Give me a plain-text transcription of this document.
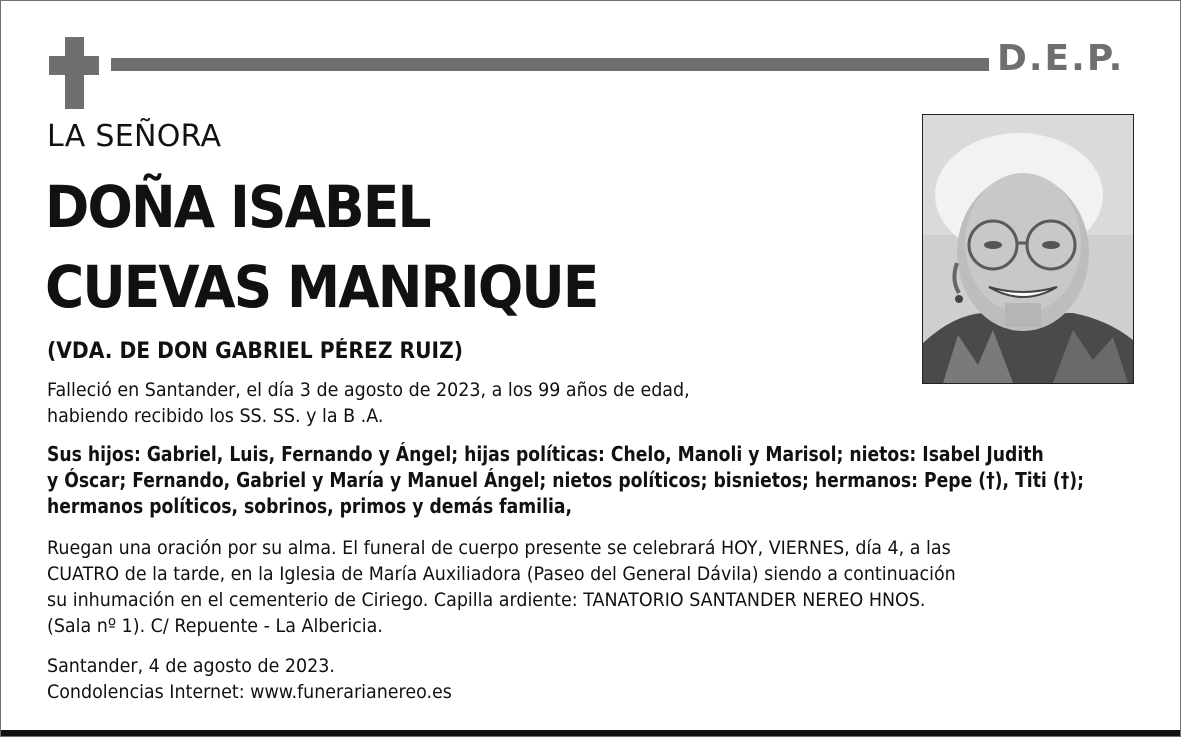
D.E.P.
LA SEÑORA
DOÑA ISABEL
CUEVAS MANRIQUE
(VDA. DE DON GABRIEL PÉREZ RUIZ)
Falleció en Santander, el día 3 de agosto de 2023, a los 99 años de edad,
habiendo recibido los SS. SS. y la B .A.
Sus hijos: Gabriel, Luis, Fernando y Ángel; hijas políticas: Chelo, Manoli y Marisol; nietos: Isabel Judith
y Óscar; Fernando, Gabriel y María y Manuel Ángel; nietos políticos; bisnietos; hermanos: Pepe (†), Titi (†);
hermanos políticos, sobrinos, primos y demás familia,
Ruegan una oración por su alma. El funeral de cuerpo presente se celebrará HOY, VIERNES, día 4, a las
CUATRO de la tarde, en la Iglesia de María Auxiliadora (Paseo del General Dávila) siendo a continuación
su inhumación en el cementerio de Ciriego. Capilla ardiente: TANATORIO SANTANDER NEREO HNOS.
(Sala nº 1). C/ Repuente - La Albericia.
Santander, 4 de agosto de 2023.
Condolencias Internet: www.funerarianereo.es
